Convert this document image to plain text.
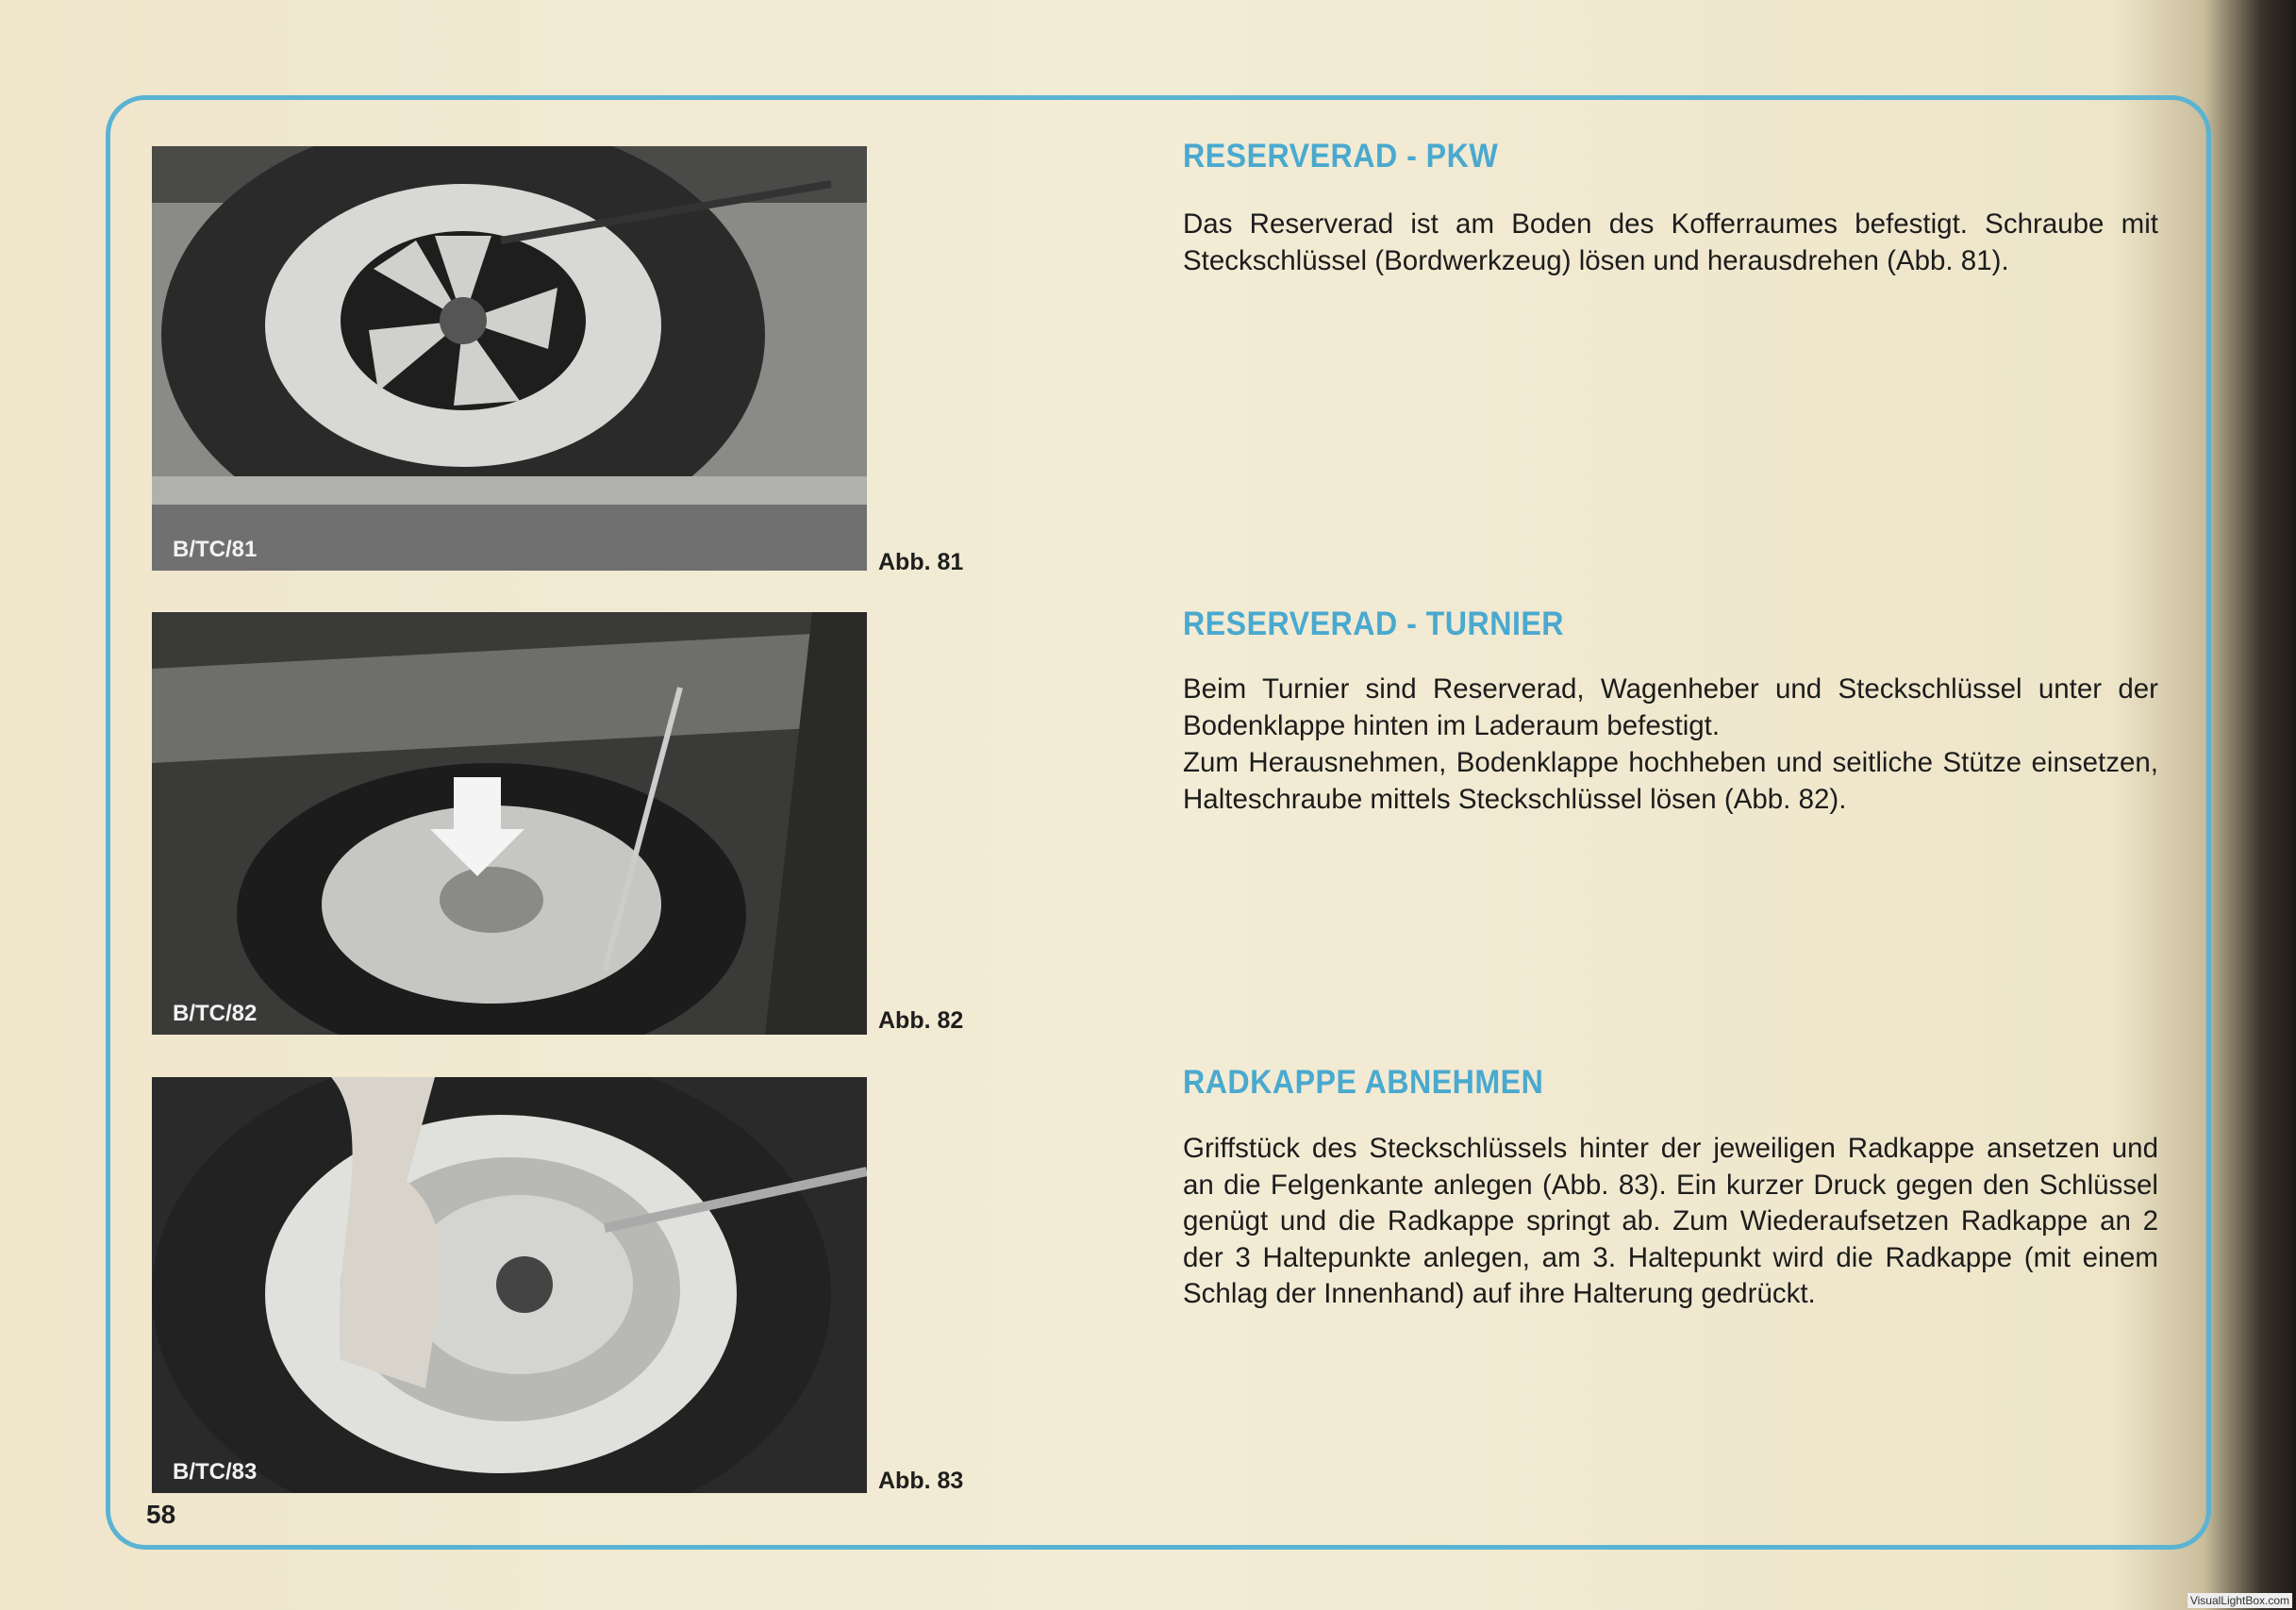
B/TC/81	Abb. 81
B/TC/82	Abb. 82
B/TC/83	Abb. 83
58
RESERVERAD - PKW
Das Reserverad ist am Boden des Kofferraumes befestigt. Schraube mit Steckschlüssel (Bordwerkzeug) lösen und herausdrehen (Abb. 81).
RESERVERAD - TURNIER
Beim Turnier sind Reserverad, Wagenheber und Steckschlüssel unter der Bodenklappe hinten im Laderaum befestigt.
Zum Herausnehmen, Bodenklappe hochheben und seitliche Stütze einsetzen, Halteschraube mittels Steckschlüssel lösen (Abb. 82).
RADKAPPE ABNEHMEN
Griffstück des Steckschlüssels hinter der jeweiligen Radkappe ansetzen und an die Felgenkante anlegen (Abb. 83). Ein kurzer Druck gegen den Schlüssel genügt und die Radkappe springt ab. Zum Wiederaufsetzen Radkappe an 2 der 3 Haltepunkte anlegen, am 3. Haltepunkt wird die Radkappe (mit einem Schlag der Innenhand) auf ihre Halterung gedrückt.
VisualLightBox.com
